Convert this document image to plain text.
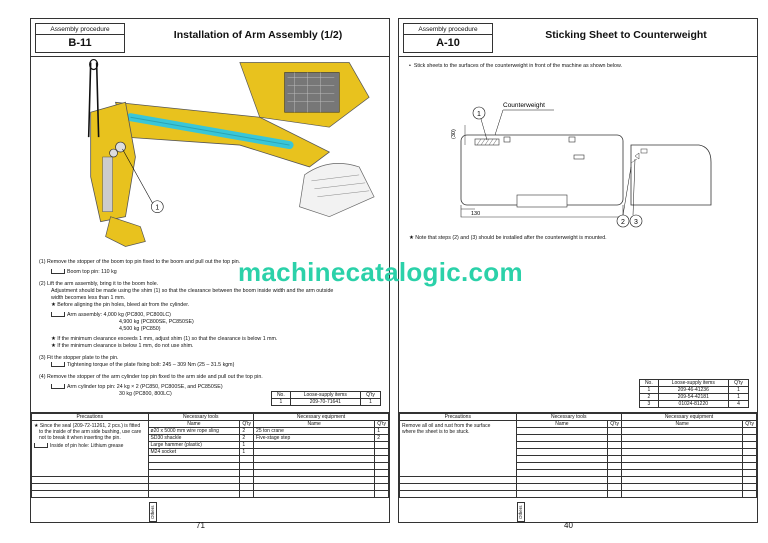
Assembly procedure
B-11
Installation of Arm Assembly (1/2)
1

(1) Remove the stopper of the boom top pin fixed to the boom and pull out the top pin.

Boom top pin: 110 kg

(2) Lift the arm assembly, bring it to the boom hole.

Adjustment should be made using the shim (1) so that the clearance between the boom inside width and the arm outside

width becomes less than 1 mm.

★ Before aligning the pin holes, bleed air from the cylinder.

Arm assembly: 4,000 kg (PC800, PC800LC)

4,900 kg (PC800SE, PC850SE)

4,500 kg (PC850)

★ If the minimum clearance exceeds 1 mm, adjust shim (1) so that the clearance is below 1 mm.

★ If the minimum clearance is below 1 mm, do not use shim.

(3) Fit the stopper plate to the pin.

Tightening torque of the plate fixing bolt: 245 – 309 Nm (25 – 31.5 kgm)

(4) Remove the stopper of the arm cylinder top pin fixed to the arm side and pull out the top pin.

Arm cylinder top pin: 24 kg × 2 (PC850, PC800SE, and PC850SE)

30 kg (PC800, 800LC)	No.	Loose-supply items	Q'ty
1	209-70-71641	1
Precautions	Necessary tools		Necessary equipment	

★ Since the seal (209-72-11261, 2 pcs.) is fitted
to the inside of the arm side bushing, use care
not to break it when inserting the pin.
Inside of pin hole: Lithium grease	Name	Q'ty	Name	Q'ty
	ø20 x 5000 mm wire rope sling	2	25 ton crane	1
	SD30 shackle	2	Five-stage step	2
	Large hammer (plastic)	1		
	M24 socket	1		

Others
71
Assembly procedure
A-10
Sticking Sheet to Counterweight

•  Stick sheets to the surfaces of the counterweight in front of the machine as shown below.

(30)
130
1
Counterweight
2 3
★ Note that steps (2) and (3) should be installed after the counterweight is mounted.
No.	Loose-supply items	Q'ty
1	209-46-41236	1
2	209-54-42181	1
3	01024-81220	4
Precautions	Necessary tools		Necessary equipment	

Remove all oil and rust from the surface
where the sheet is to be stuck.	Name	Q'ty	Name	Q'ty

Others
40
machinecatalogic.com
